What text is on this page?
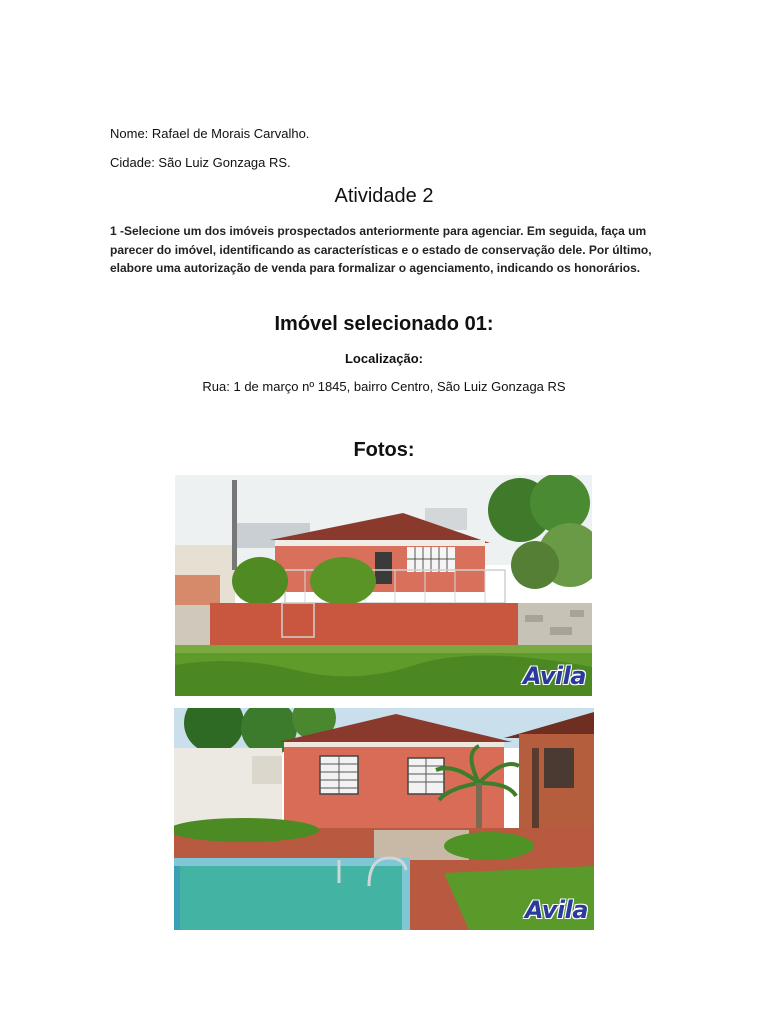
Nome: Rafael de Morais Carvalho.
Cidade: São Luiz Gonzaga RS.
Atividade 2
1 -Selecione um dos imóveis prospectados anteriormente para agenciar. Em seguida, faça um parecer do imóvel, identificando as características e o estado de conservação dele. Por último, elabore uma autorização de venda para formalizar o agenciamento, indicando os honorários.
Imóvel selecionado 01:
Localização:
Rua: 1 de março nº 1845, bairro Centro, São Luiz Gonzaga RS
Fotos:
Avila
Avila
